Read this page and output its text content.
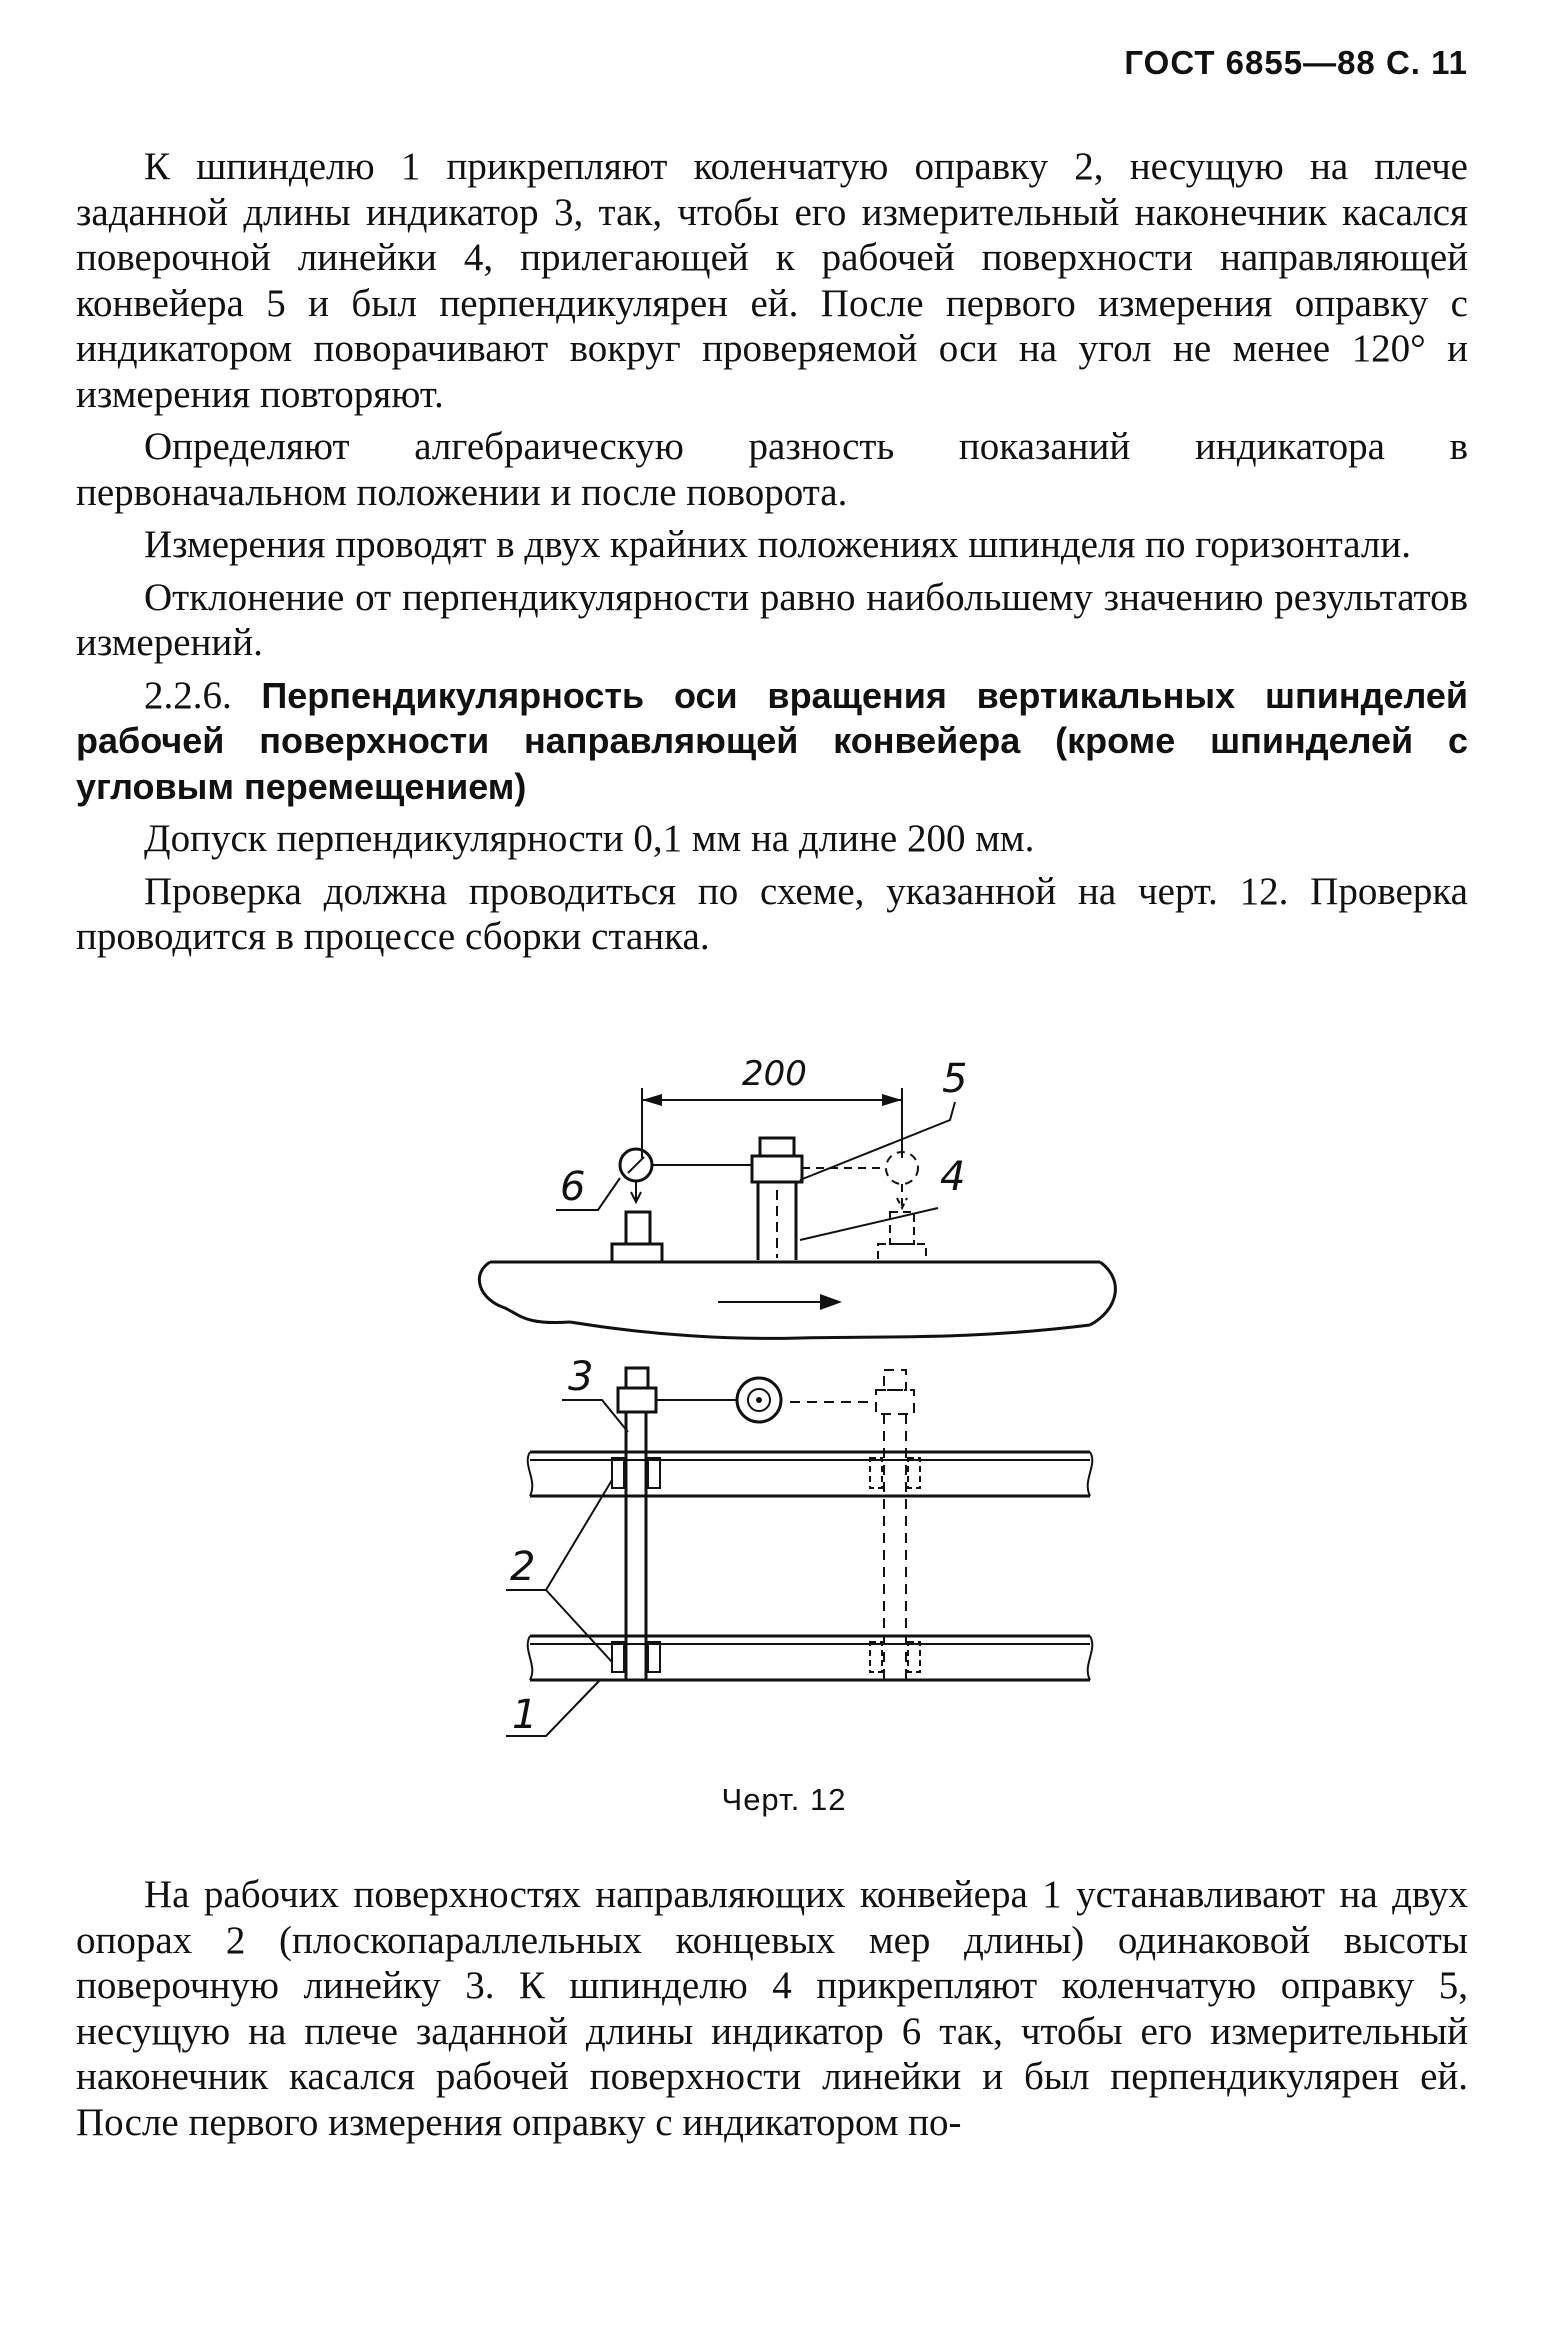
ГОСТ 6855—88 С. 11

К шпинделю 1 прикрепляют коленчатую оправку 2, несущую на плече заданной длины индикатор 3, так, чтобы его измерительный наконечник касался поверочной линейки 4, прилегающей к рабочей поверхности направляющей конвейера 5 и был перпендикулярен ей. После первого измерения оправку с индикатором поворачивают вокруг проверяемой оси на угол не менее 120° и измерения повторяют.

Определяют алгебраическую разность показаний индикатора в первоначальном положении и после поворота.

Измерения проводят в двух крайних положениях шпинделя по горизонтали.

Отклонение от перпендикулярности равно наибольшему значению результатов измерений.

2.2.6. Перпендикулярность оси вращения вертикальных шпинделей рабочей поверхности направляющей конвейера (кроме шпинделей с угловым перемещением)

Допуск перпендикулярности 0,1 мм на длине 200 мм.

Проверка должна проводиться по схеме, указанной на черт. 12. Проверка проводится в процессе сборки станка.

200	5
6	4
3
2
1
Черт. 12

На рабочих поверхностях направляющих конвейера 1 устанавливают на двух опорах 2 (плоскопараллельных концевых мер длины) одинаковой высоты поверочную линейку 3. К шпинделю 4 прикрепляют коленчатую оправку 5, несущую на плече заданной длины индикатор 6 так, чтобы его измерительный наконечник касался рабочей поверхности линейки и был перпендикулярен ей. После первого измерения оправку с индикатором по-
